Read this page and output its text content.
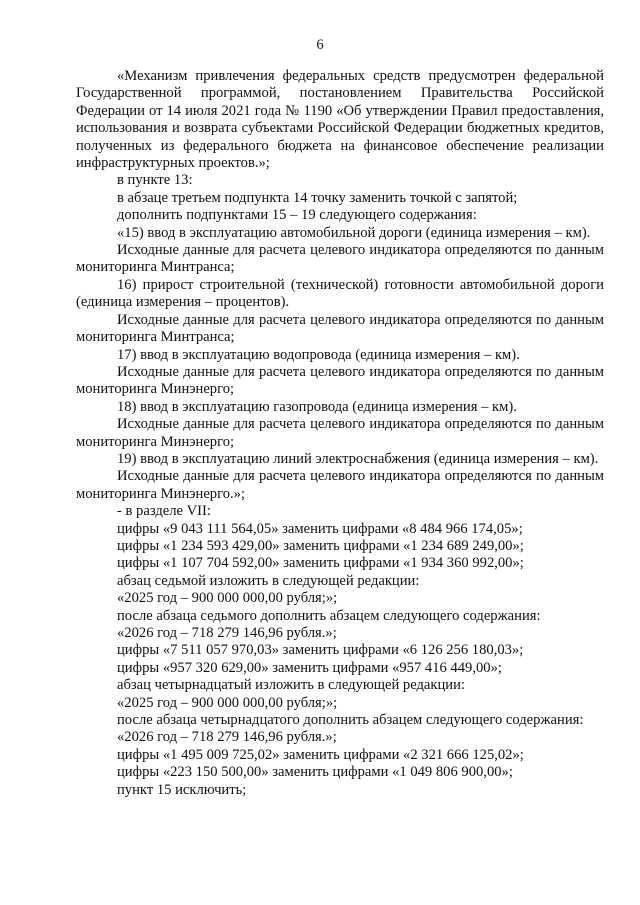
6

«Механизм привлечения федеральных средств предусмотрен федеральной Государственной программой, постановлением Правительства Российской Федерации от 14 июля 2021 года № 1190 «Об утверждении Правил предоставления, использования и возврата субъектами Российской Федерации бюджетных кредитов, полученных из федерального бюджета на финансовое обеспечение реализации инфраструктурных проектов.»;

в пункте 13:

в абзаце третьем подпункта 14 точку заменить точкой с запятой;

дополнить подпунктами 15 – 19 следующего содержания:

«15) ввод в эксплуатацию автомобильной дороги (единица измерения – км).

Исходные данные для расчета целевого индикатора определяются по данным мониторинга Минтранса;

16) прирост строительной (технической) готовности автомобильной дороги (единица измерения – процентов).

Исходные данные для расчета целевого индикатора определяются по данным мониторинга Минтранса;

17) ввод в эксплуатацию водопровода (единица измерения – км).

Исходные данные для расчета целевого индикатора определяются по данным мониторинга Минэнерго;

18) ввод в эксплуатацию газопровода (единица измерения – км).

Исходные данные для расчета целевого индикатора определяются по данным мониторинга Минэнерго;

19) ввод в эксплуатацию линий электроснабжения (единица измерения – км).

Исходные данные для расчета целевого индикатора определяются по данным мониторинга Минэнерго.»;

- в разделе VII:

цифры «9 043 111 564,05» заменить цифрами «8 484 966 174,05»;

цифры «1 234 593 429,00» заменить цифрами «1 234 689 249,00»;

цифры «1 107 704 592,00» заменить цифрами «1 934 360 992,00»;

абзац седьмой изложить в следующей редакции:

«2025 год – 900 000 000,00 рубля;»;

после абзаца седьмого дополнить абзацем следующего содержания:

«2026 год – 718 279 146,96 рубля.»;

цифры «7 511 057 970,03» заменить цифрами «6 126 256 180,03»;

цифры «957 320 629,00» заменить цифрами «957 416 449,00»;

абзац четырнадцатый изложить в следующей редакции:

«2025 год – 900 000 000,00 рубля;»;

после абзаца четырнадцатого дополнить абзацем следующего содержания:

«2026 год – 718 279 146,96 рубля.»;

цифры «1 495 009 725,02» заменить цифрами «2 321 666 125,02»;

цифры «223 150 500,00» заменить цифрами «1 049 806 900,00»;

пункт 15 исключить;
